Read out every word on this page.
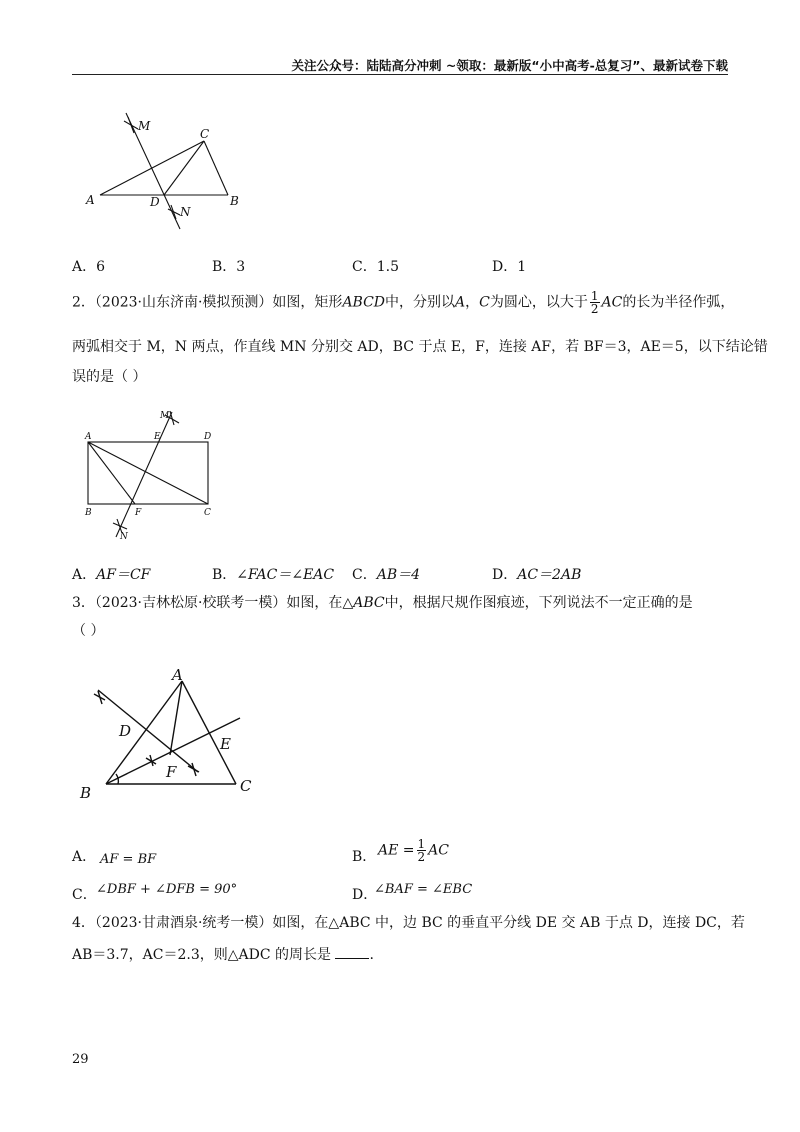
关注公众号：陆陆高分冲刺 ~领取：最新版“小中高考-总复习”、最新试卷下载
M
C
A	D
N
B
A．6	B．3	C．1.5	D．1
2．（2023·山东济南·模拟预测）如图，矩形ABCD中，分别以A，C为圆心，以大于 $\frac{1}{2}$ AC的长为半径作弧，
两弧相交于 M，N 两点，作直线 MN 分别交 AD，BC 于点 E，F，连接 AF，若 BF＝3，AE＝5，以下结论错
误的是（ ）
M
A	E	D
B	F	C
N
A．AF＝CF	B．∠FAC＝∠EAC C．AB＝4	D．AC＝2AB
3．（2023·吉林松原·校联考一模）如图，在△ABC中，根据尺规作图痕迹，下列说法不一定正确的是
（ ）
A
D
E
F
B	C
A． AF = BF	B． AE = $\frac{1}{2}$ AC
C． ∠DBF + ∠DFB = 90°	D．
∠BAF = ∠EBC
4．（2023·甘肃酒泉·统考一模）如图，在△ABC 中，边 BC 的垂直平分线 DE 交 AB 于点 D，连接 DC，若
AB＝3.7，AC＝2.3，则△ADC 的周长是	.
29
